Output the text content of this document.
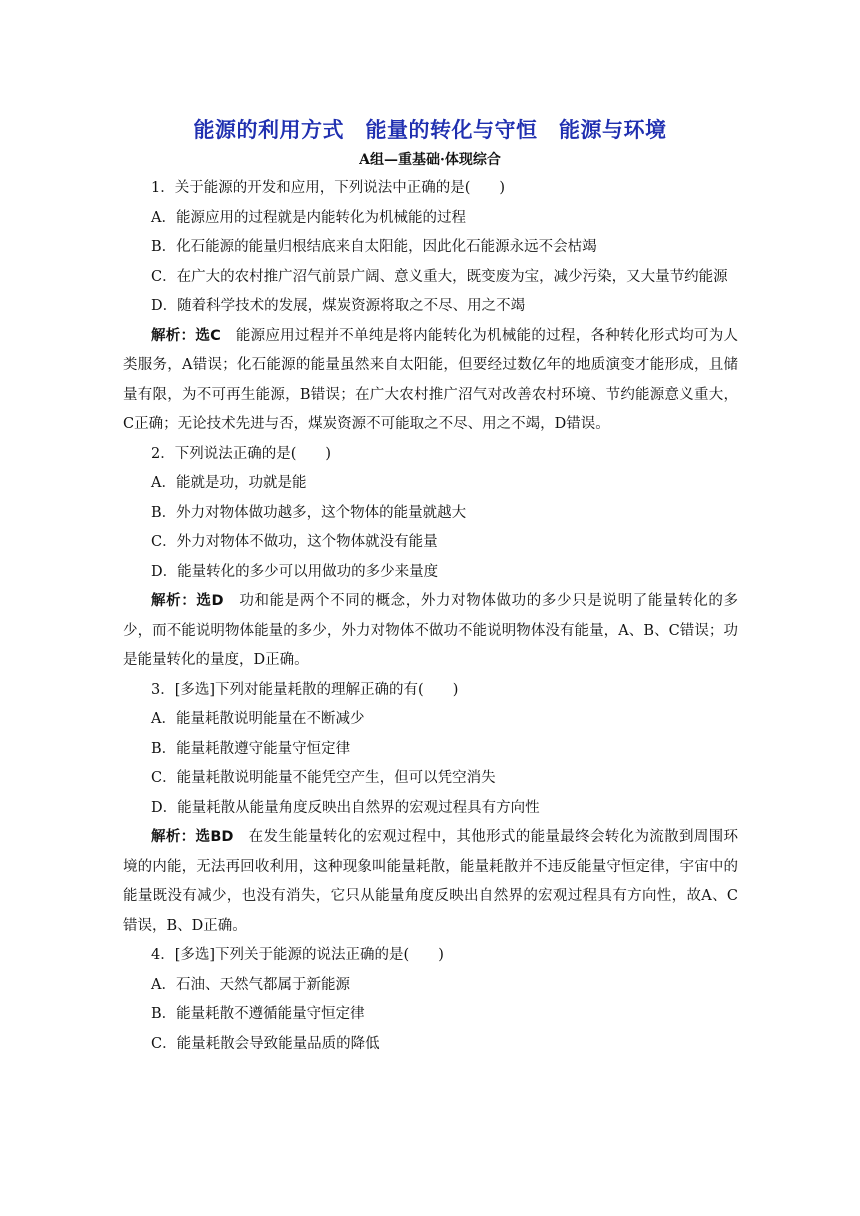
能源的利用方式　能量的转化与守恒　能源与环境
A组—重基础·体现综合
1．关于能源的开发和应用，下列说法中正确的是(　　)
A．能源应用的过程就是内能转化为机械能的过程
B．化石能源的能量归根结底来自太阳能，因此化石能源永远不会枯竭
C．在广大的农村推广沼气前景广阔、意义重大，既变废为宝，减少污染，又大量节约能源
D．随着科学技术的发展，煤炭资源将取之不尽、用之不竭
解析：选C　能源应用过程并不单纯是将内能转化为机械能的过程，各种转化形式均可为人类服务，A错误；化石能源的能量虽然来自太阳能，但要经过数亿年的地质演变才能形成，且储量有限，为不可再生能源，B错误；在广大农村推广沼气对改善农村环境、节约能源意义重大，C正确；无论技术先进与否，煤炭资源不可能取之不尽、用之不竭，D错误。
2．下列说法正确的是(　　)
A．能就是功，功就是能
B．外力对物体做功越多，这个物体的能量就越大
C．外力对物体不做功，这个物体就没有能量
D．能量转化的多少可以用做功的多少来量度
解析：选D　功和能是两个不同的概念，外力对物体做功的多少只是说明了能量转化的多少，而不能说明物体能量的多少，外力对物体不做功不能说明物体没有能量，A、B、C错误；功是能量转化的量度，D正确。
3．[多选]下列对能量耗散的理解正确的有(　　)
A．能量耗散说明能量在不断减少
B．能量耗散遵守能量守恒定律
C．能量耗散说明能量不能凭空产生，但可以凭空消失
D．能量耗散从能量角度反映出自然界的宏观过程具有方向性
解析：选BD　在发生能量转化的宏观过程中，其他形式的能量最终会转化为流散到周围环境的内能，无法再回收利用，这种现象叫能量耗散，能量耗散并不违反能量守恒定律，宇宙中的能量既没有减少，也没有消失，它只从能量角度反映出自然界的宏观过程具有方向性，故A、C错误，B、D正确。
4．[多选]下列关于能源的说法正确的是(　　)
A．石油、天然气都属于新能源
B．能量耗散不遵循能量守恒定律
C．能量耗散会导致能量品质的降低
